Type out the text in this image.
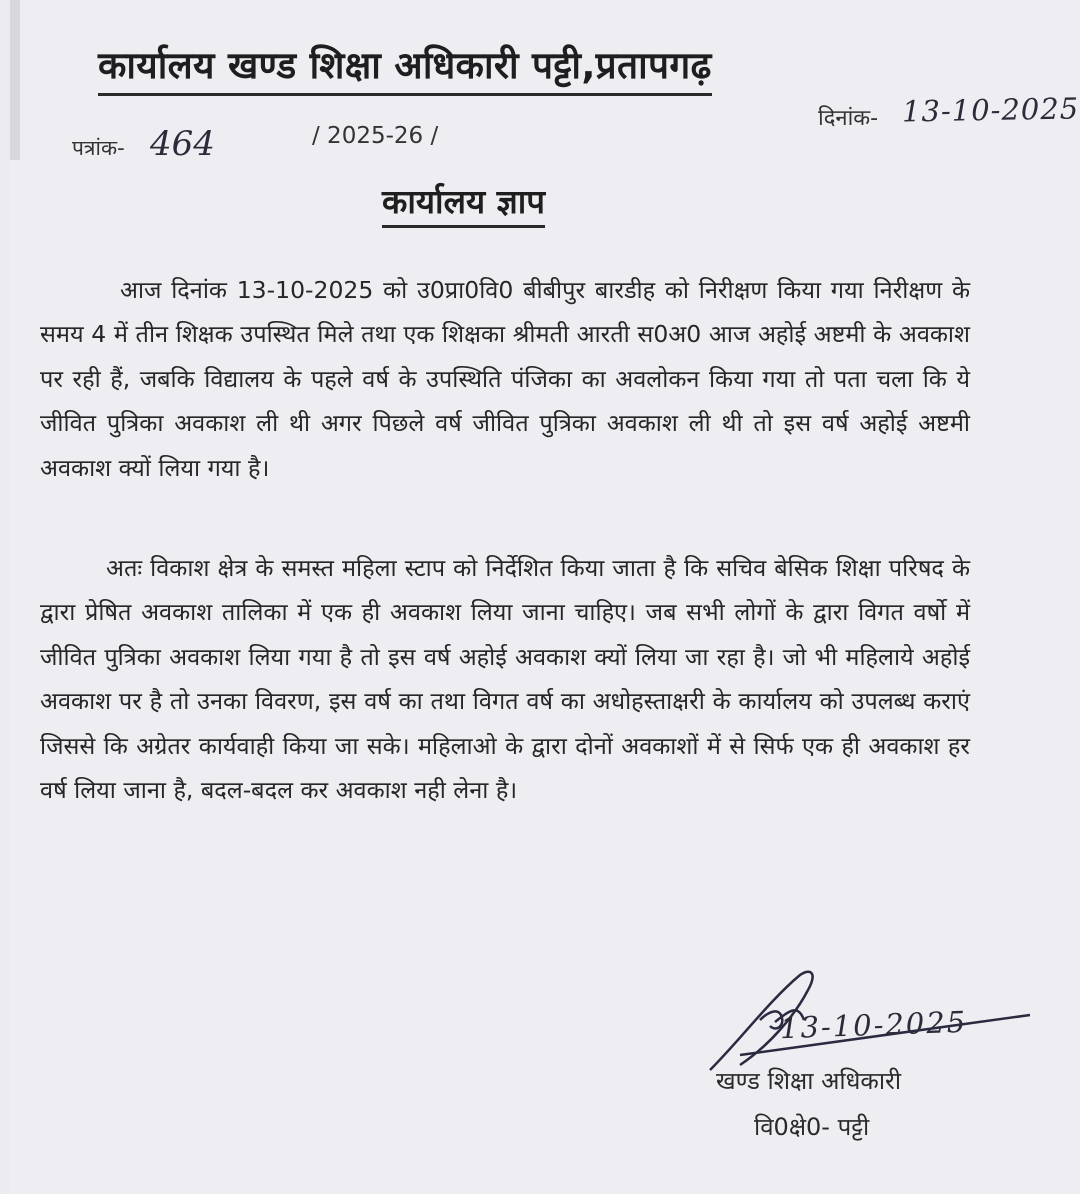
कार्यालय खण्ड शिक्षा अधिकारी पट्टी,प्रतापगढ़
पत्रांक- 464	/ 2025-26 /
दिनांक- 13-10-2025
कार्यालय ज्ञाप

आज दिनांक 13-10-2025 को उ0प्रा0वि0 बीबीपुर बारडीह को निरीक्षण किया गया निरीक्षण के समय 4 में तीन शिक्षक उपस्थित मिले तथा एक शिक्षका श्रीमती आरती स0अ0 आज अहोई अष्टमी के अवकाश पर रही हैं, जबकि विद्यालय के पहले वर्ष के उपस्थिति पंजिका का अवलोकन किया गया तो पता चला कि ये जीवित पुत्रिका अवकाश ली थी अगर पिछले वर्ष जीवित पुत्रिका अवकाश ली थी तो इस वर्ष अहोई अष्टमी अवकाश क्यों लिया गया है।

अतः विकाश क्षेत्र के समस्त महिला स्टाप को निर्देशित किया जाता है कि सचिव बेसिक शिक्षा परिषद के द्वारा प्रेषित अवकाश तालिका में एक ही अवकाश लिया जाना चाहिए। जब सभी लोगों के द्वारा विगत वर्षो में जीवित पुत्रिका अवकाश लिया गया है तो इस वर्ष अहोई अवकाश क्यों लिया जा रहा है। जो भी महिलाये अहोई अवकाश पर है तो उनका विवरण, इस वर्ष का तथा विगत वर्ष का अधोहस्ताक्षरी के कार्यालय को उपलब्ध कराएं जिससे कि अग्रेतर कार्यवाही किया जा सके। महिलाओ के द्वारा दोनों अवकाशों में से सिर्फ एक ही अवकाश हर वर्ष लिया जाना है, बदल-बदल कर अवकाश नही लेना है।

13-10-2025
खण्ड शिक्षा अधिकारी
वि0क्षे0- पट्टी
